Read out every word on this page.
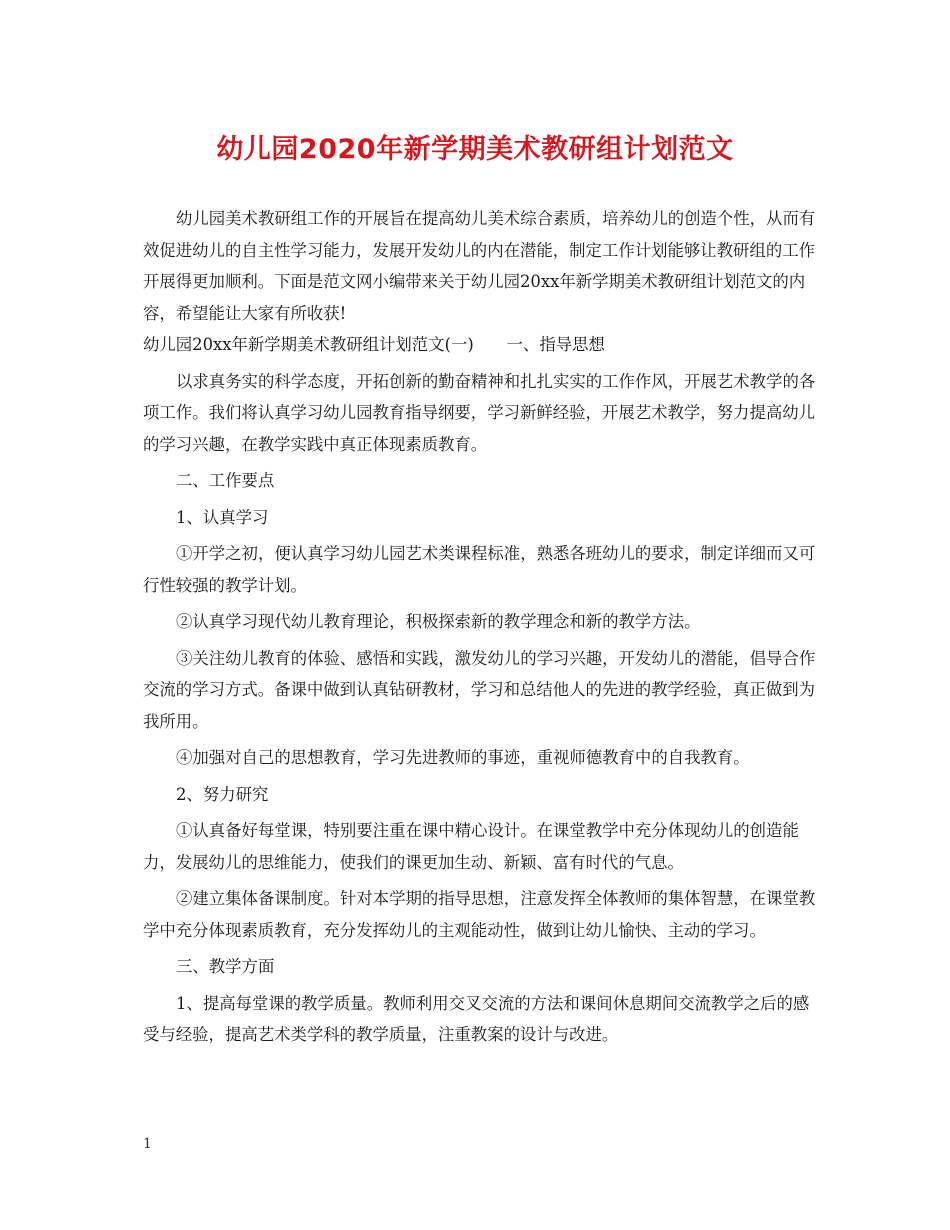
幼儿园2020年新学期美术教研组计划范文

幼儿园美术教研组工作的开展旨在提高幼儿美术综合素质，培养幼儿的创造个性，从而有效促进幼儿的自主性学习能力，发展开发幼儿的内在潜能，制定工作计划能够让教研组的工作开展得更加顺利。下面是范文网小编带来关于幼儿园20xx年新学期美术教研组计划范文的内容，希望能让大家有所收获!

幼儿园20xx年新学期美术教研组计划范文(一)　　一、指导思想

以求真务实的科学态度，开拓创新的勤奋精神和扎扎实实的工作作风，开展艺术教学的各项工作。我们将认真学习幼儿园教育指导纲要，学习新鲜经验，开展艺术教学，努力提高幼儿的学习兴趣，在教学实践中真正体现素质教育。

二、工作要点

1、认真学习

①开学之初，便认真学习幼儿园艺术类课程标准，熟悉各班幼儿的要求，制定详细而又可行性较强的教学计划。

②认真学习现代幼儿教育理论，积极探索新的教学理念和新的教学方法。

③关注幼儿教育的体验、感悟和实践，激发幼儿的学习兴趣，开发幼儿的潜能，倡导合作交流的学习方式。备课中做到认真钻研教材，学习和总结他人的先进的教学经验，真正做到为我所用。

④加强对自己的思想教育，学习先进教师的事迹，重视师德教育中的自我教育。

2、努力研究

①认真备好每堂课，特别要注重在课中精心设计。在课堂教学中充分体现幼儿的创造能力，发展幼儿的思维能力，使我们的课更加生动、新颖、富有时代的气息。

②建立集体备课制度。针对本学期的指导思想，注意发挥全体教师的集体智慧，在课堂教学中充分体现素质教育，充分发挥幼儿的主观能动性，做到让幼儿愉快、主动的学习。

三、教学方面

1、提高每堂课的教学质量。教师利用交叉交流的方法和课间休息期间交流教学之后的感受与经验，提高艺术类学科的教学质量，注重教案的设计与改进。

1
